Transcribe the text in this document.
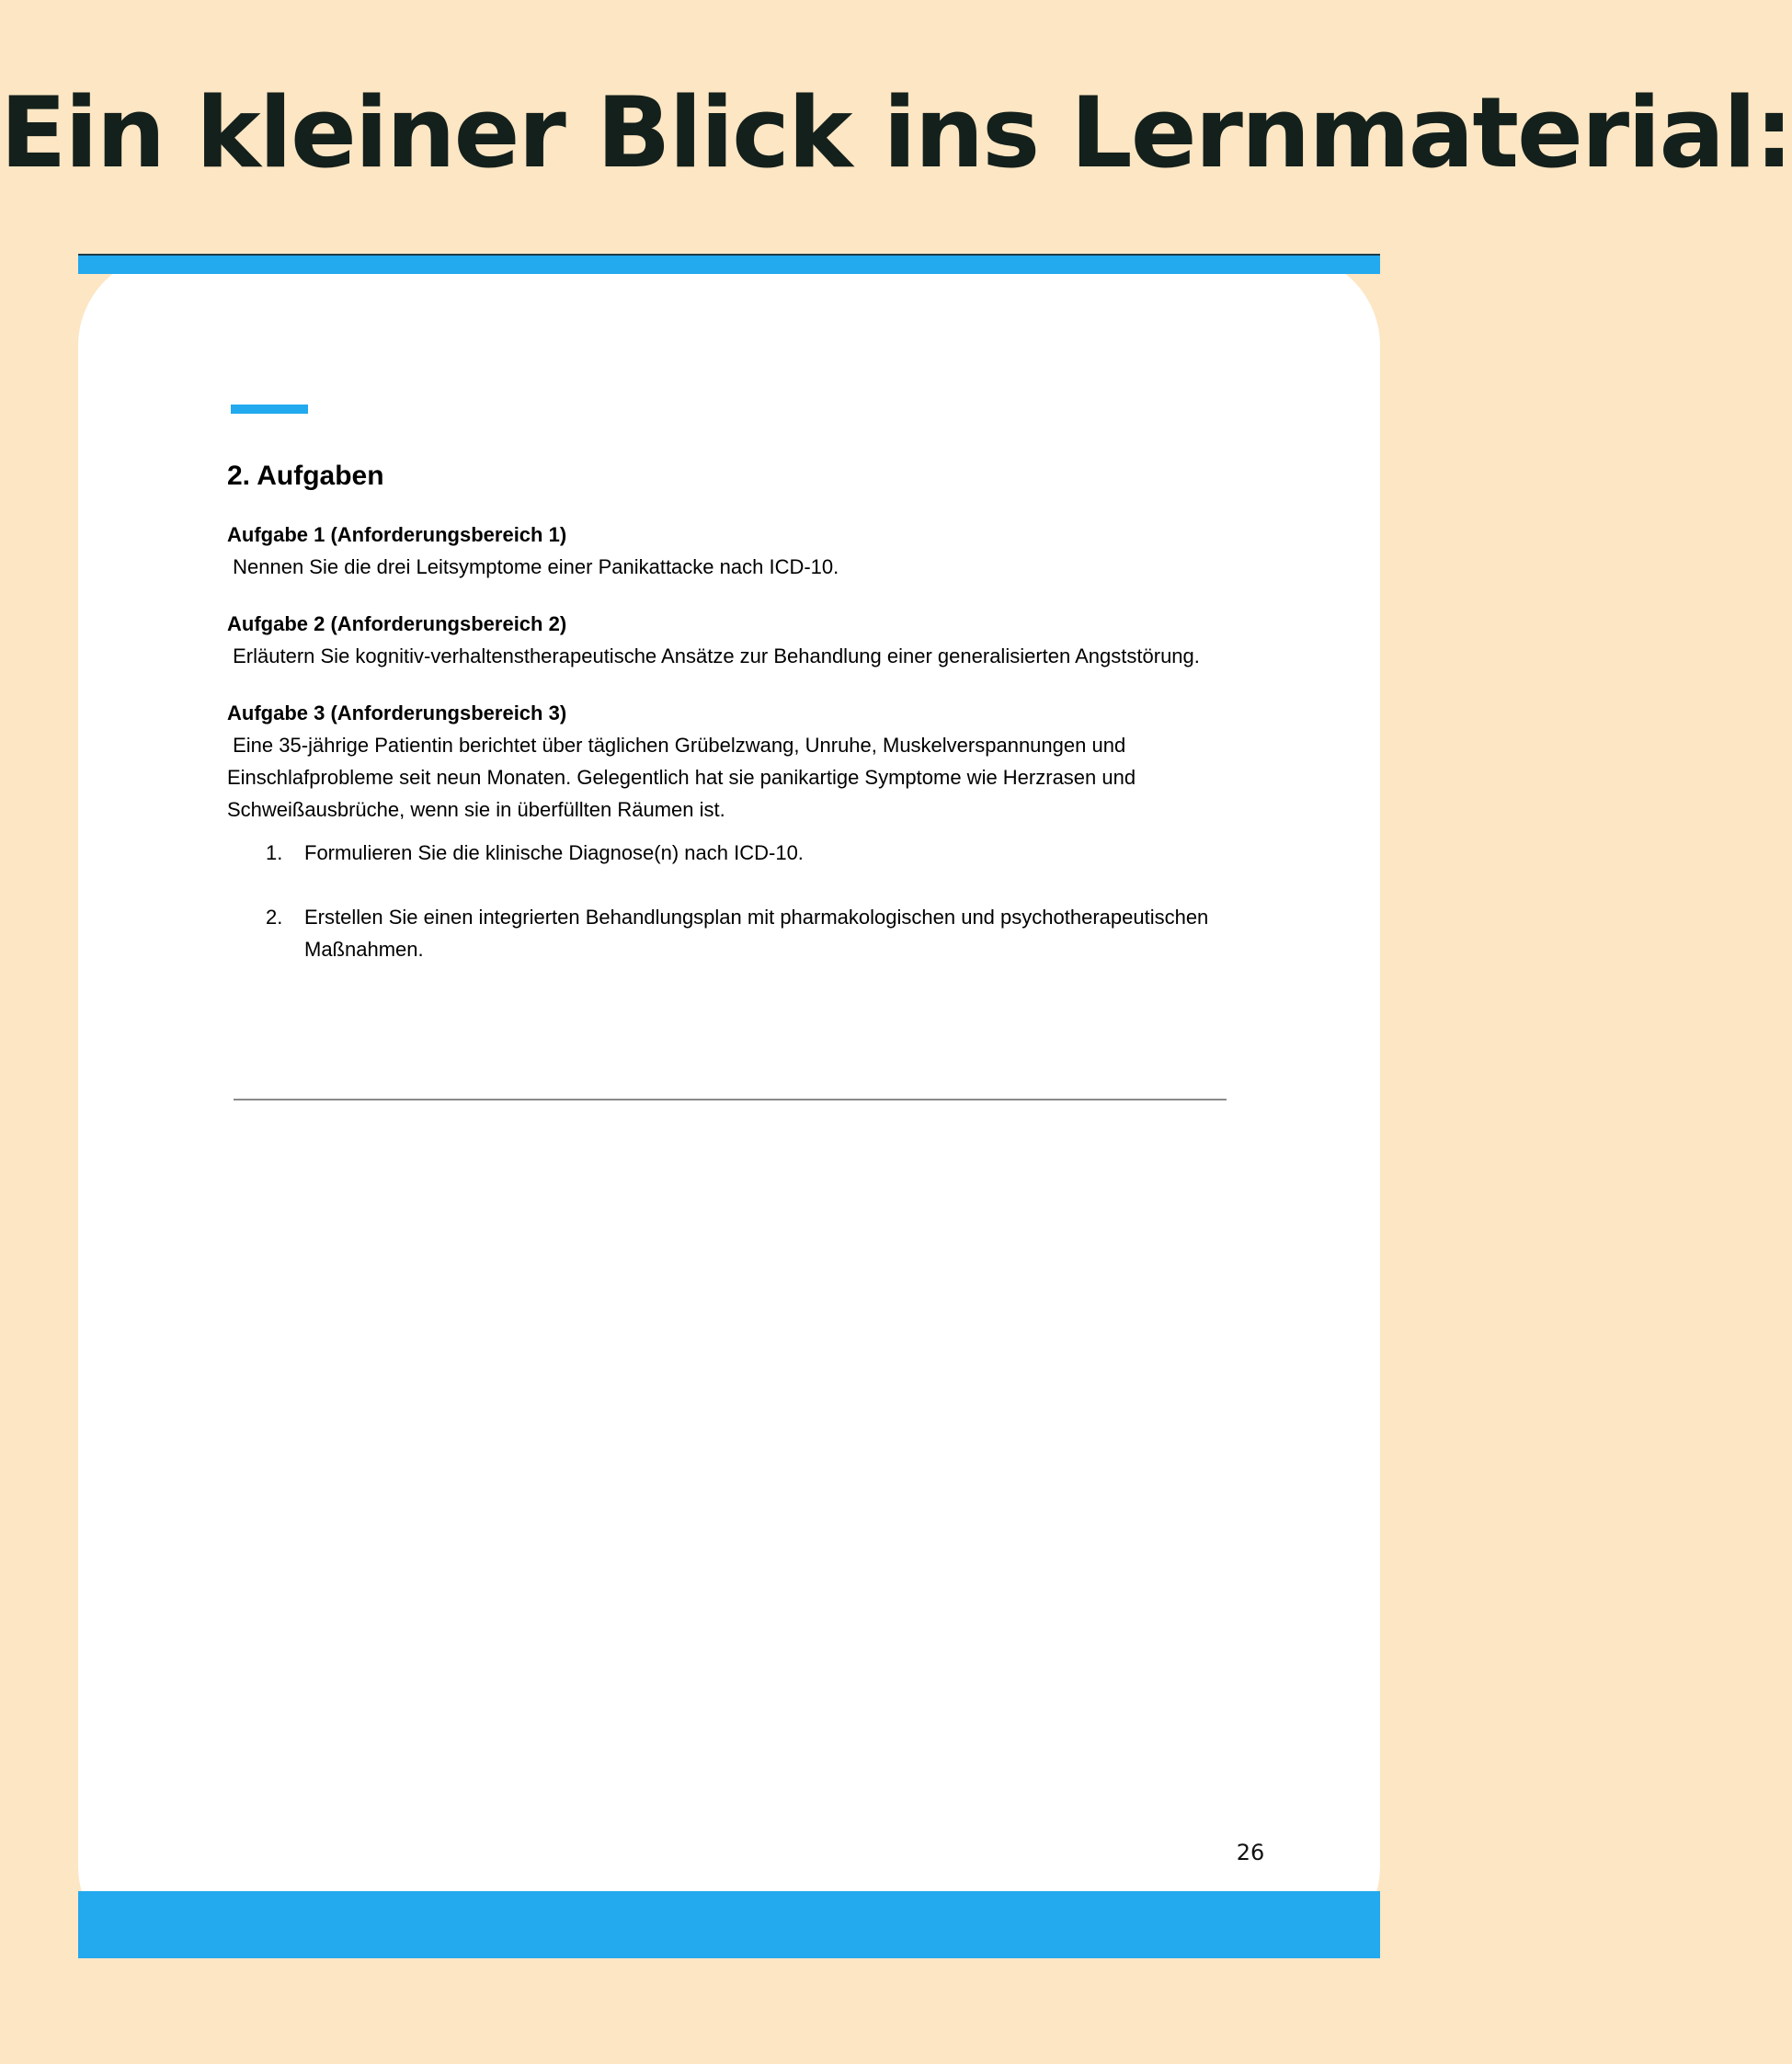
Ein kleiner Blick ins Lernmaterial:
2. Aufgaben
Aufgabe 1 (Anforderungsbereich 1)
Nennen Sie die drei Leitsymptome einer Panikattacke nach ICD-10.
Aufgabe 2 (Anforderungsbereich 2)
Erläutern Sie kognitiv-verhaltenstherapeutische Ansätze zur Behandlung einer generalisierten Angststörung.
Aufgabe 3 (Anforderungsbereich 3)
Eine 35-jährige Patientin berichtet über täglichen Grübelzwang, Unruhe, Muskelverspannungen und Einschlafprobleme seit neun Monaten. Gelegentlich hat sie panikartige Symptome wie Herzrasen und Schweißausbrüche, wenn sie in überfüllten Räumen ist.
1. Formulieren Sie die klinische Diagnose(n) nach ICD-10.
2. Erstellen Sie einen integrierten Behandlungsplan mit pharmakologischen und psychotherapeutischen Maßnahmen.
26
